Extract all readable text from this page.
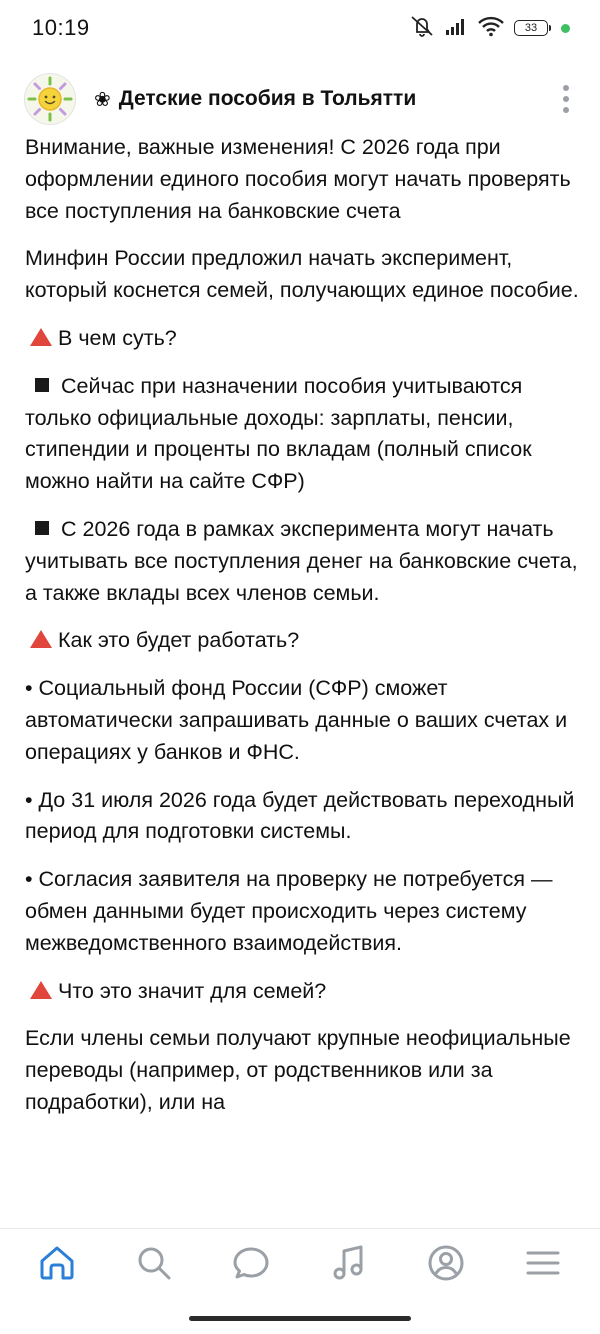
10:19	33
❀ Детские пособия в Тольятти

Внимание, важные изменения! С 2026 года при оформлении единого пособия могут начать проверять все поступления на банковские счета

Минфин России предложил начать эксперимент, который коснется семей, получающих единое пособие.

В чем суть?

Сейчас при назначении пособия учитываются только официальные доходы: зарплаты, пенсии, стипендии и проценты по вкладам (полный список можно найти на сайте СФР)

С 2026 года в рамках эксперимента могут начать учитывать все поступления денег на банковские счета, а также вклады всех членов семьи.

Как это будет работать?

• Социальный фонд России (СФР) сможет автоматически запрашивать данные о ваших счетах и операциях у банков и ФНС.

• До 31 июля 2026 года будет действовать переходный период для подготовки системы.

• Согласия заявителя на проверку не потребуется — обмен данными будет происходить через систему межведомственного взаимодействия.

Что это значит для семей?

Если члены семьи получают крупные неофициальные переводы (например, от родственников или за подработки), или на
